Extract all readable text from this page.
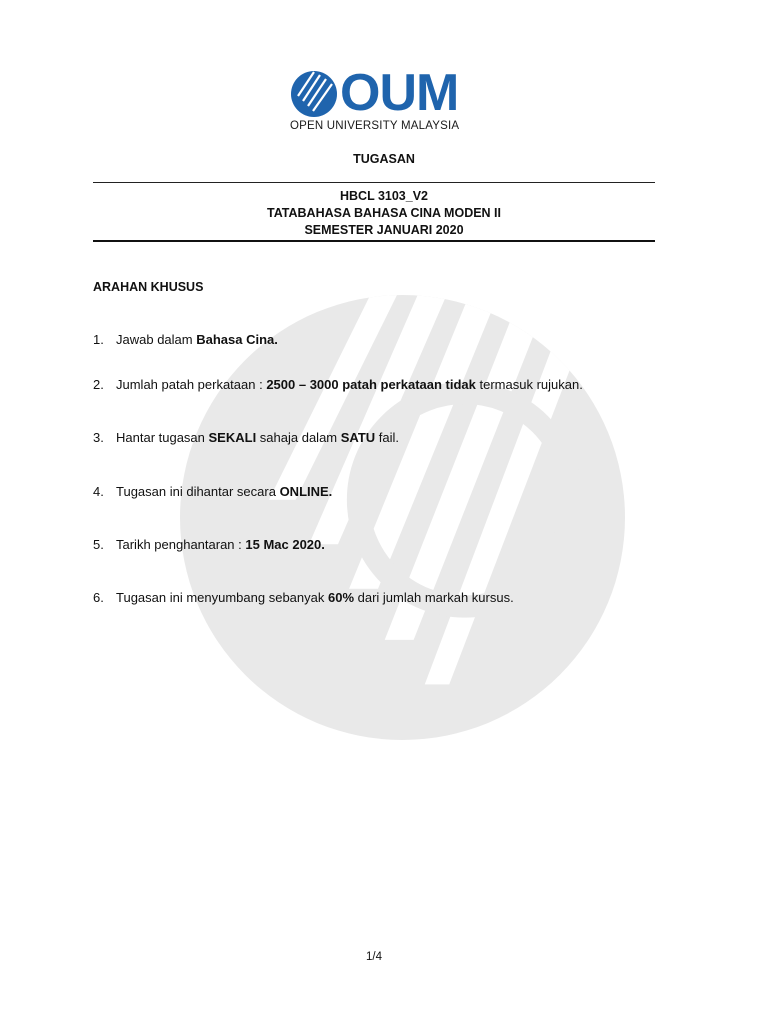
OUM
OPEN UNIVERSITY MALAYSIA
TUGASAN
HBCL 3103_V2
TATABAHASA BAHASA CINA MODEN II
SEMESTER JANUARI 2020
ARAHAN KHUSUS
1. Jawab dalam Bahasa Cina.
2. Jumlah patah perkataan : 2500 – 3000 patah perkataan tidak termasuk rujukan.
3. Hantar tugasan SEKALI sahaja dalam SATU fail.
4. Tugasan ini dihantar secara ONLINE.
5. Tarikh penghantaran : 15 Mac 2020.
6. Tugasan ini menyumbang sebanyak 60% dari jumlah markah kursus.
1/4
